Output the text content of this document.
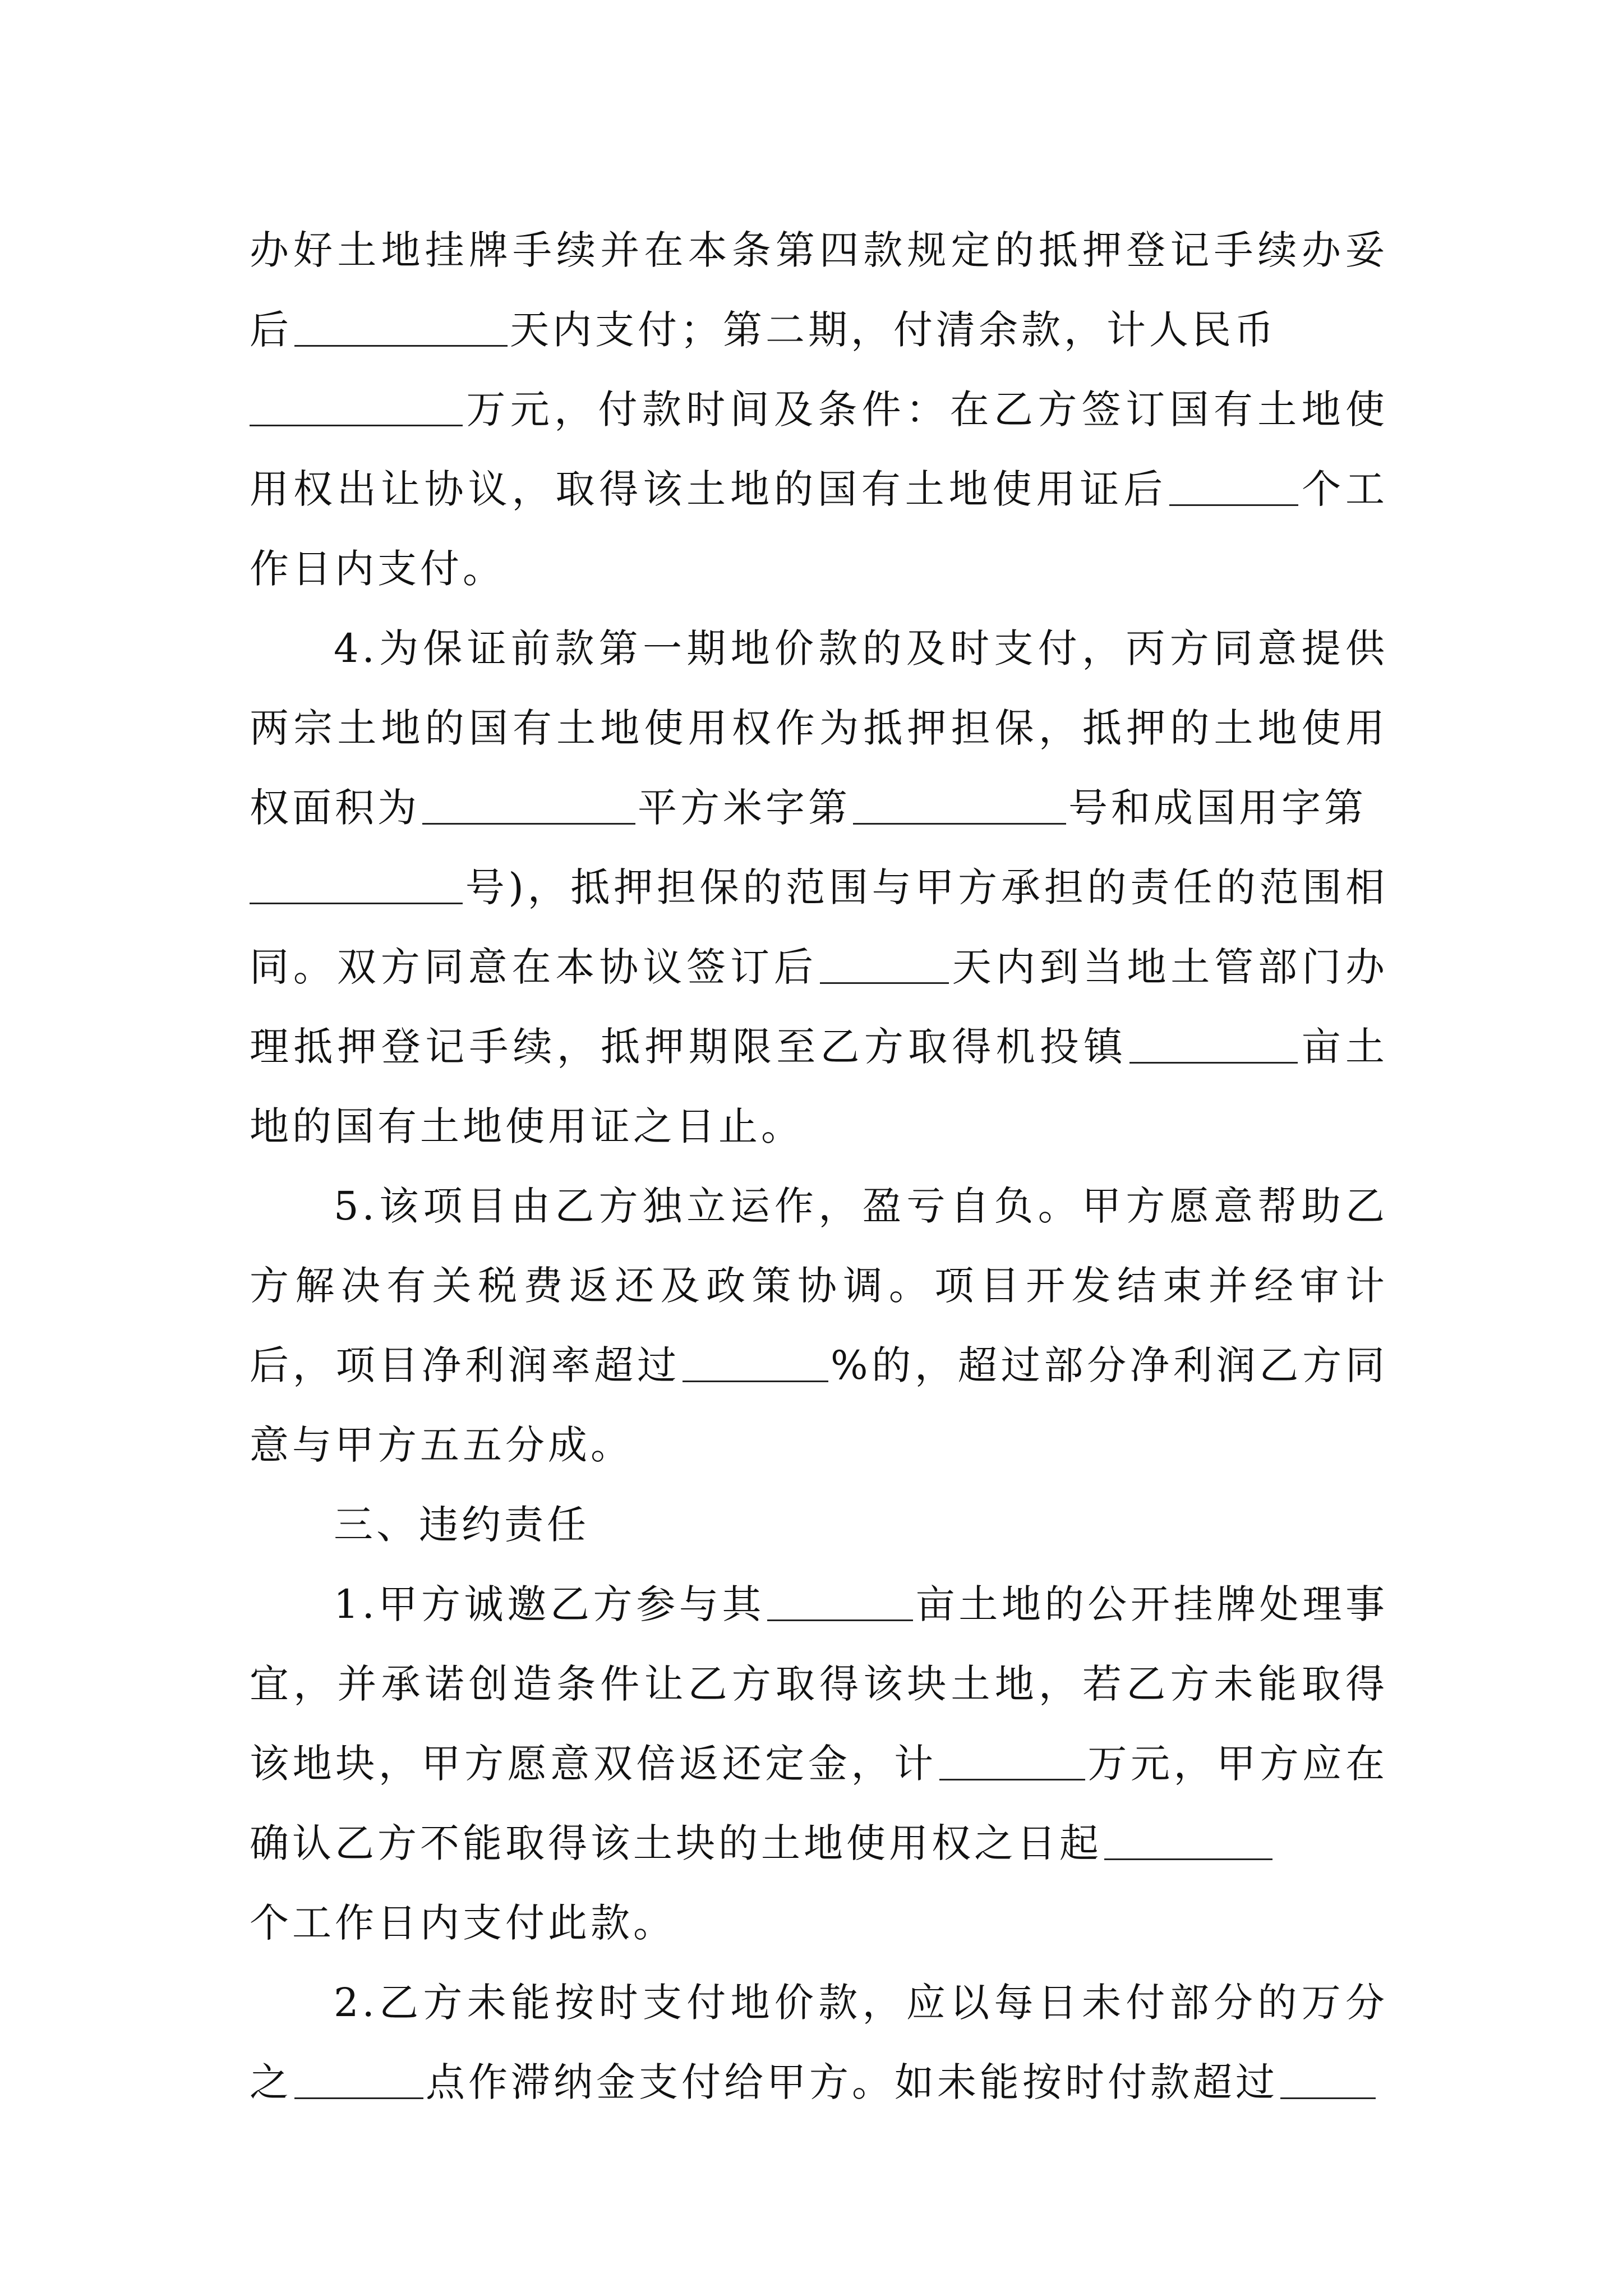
办好土地挂牌手续并在本条第四款规定的抵押登记手续办妥后	天内支付；第二期，付清余款，计人民币
万元，付款时间及条件：在乙方签订国有土地使用权出让协议，取得该土地的国有土地使用证后	个工作日内支付。

4.为保证前款第一期地价款的及时支付，丙方同意提供两宗土地的国有土地使用权作为抵押担保，抵押的土地使用权面积为	平方米字第	号和成国用字第
号)，抵押担保的范围与甲方承担的责任的范围相同。双方同意在本协议签订后	天内到当地土管部门办理抵押登记手续，抵押期限至乙方取得机投镇	亩土地的国有土地使用证之日止。

5.该项目由乙方独立运作，盈亏自负。甲方愿意帮助乙方解决有关税费返还及政策协调。项目开发结束并经审计后，项目净利润率超过	%的，超过部分净利润乙方同意与甲方五五分成。

三、违约责任

1.甲方诚邀乙方参与其	亩土地的公开挂牌处理事宜，并承诺创造条件让乙方取得该块土地，若乙方未能取得该地块，甲方愿意双倍返还定金，计	万元，甲方应在确认乙方不能取得该土块的土地使用权之日起
个工作日内支付此款。

2.乙方未能按时支付地价款，应以每日未付部分的万分之	点作滞纳金支付给甲方。如未能按时付款超过
